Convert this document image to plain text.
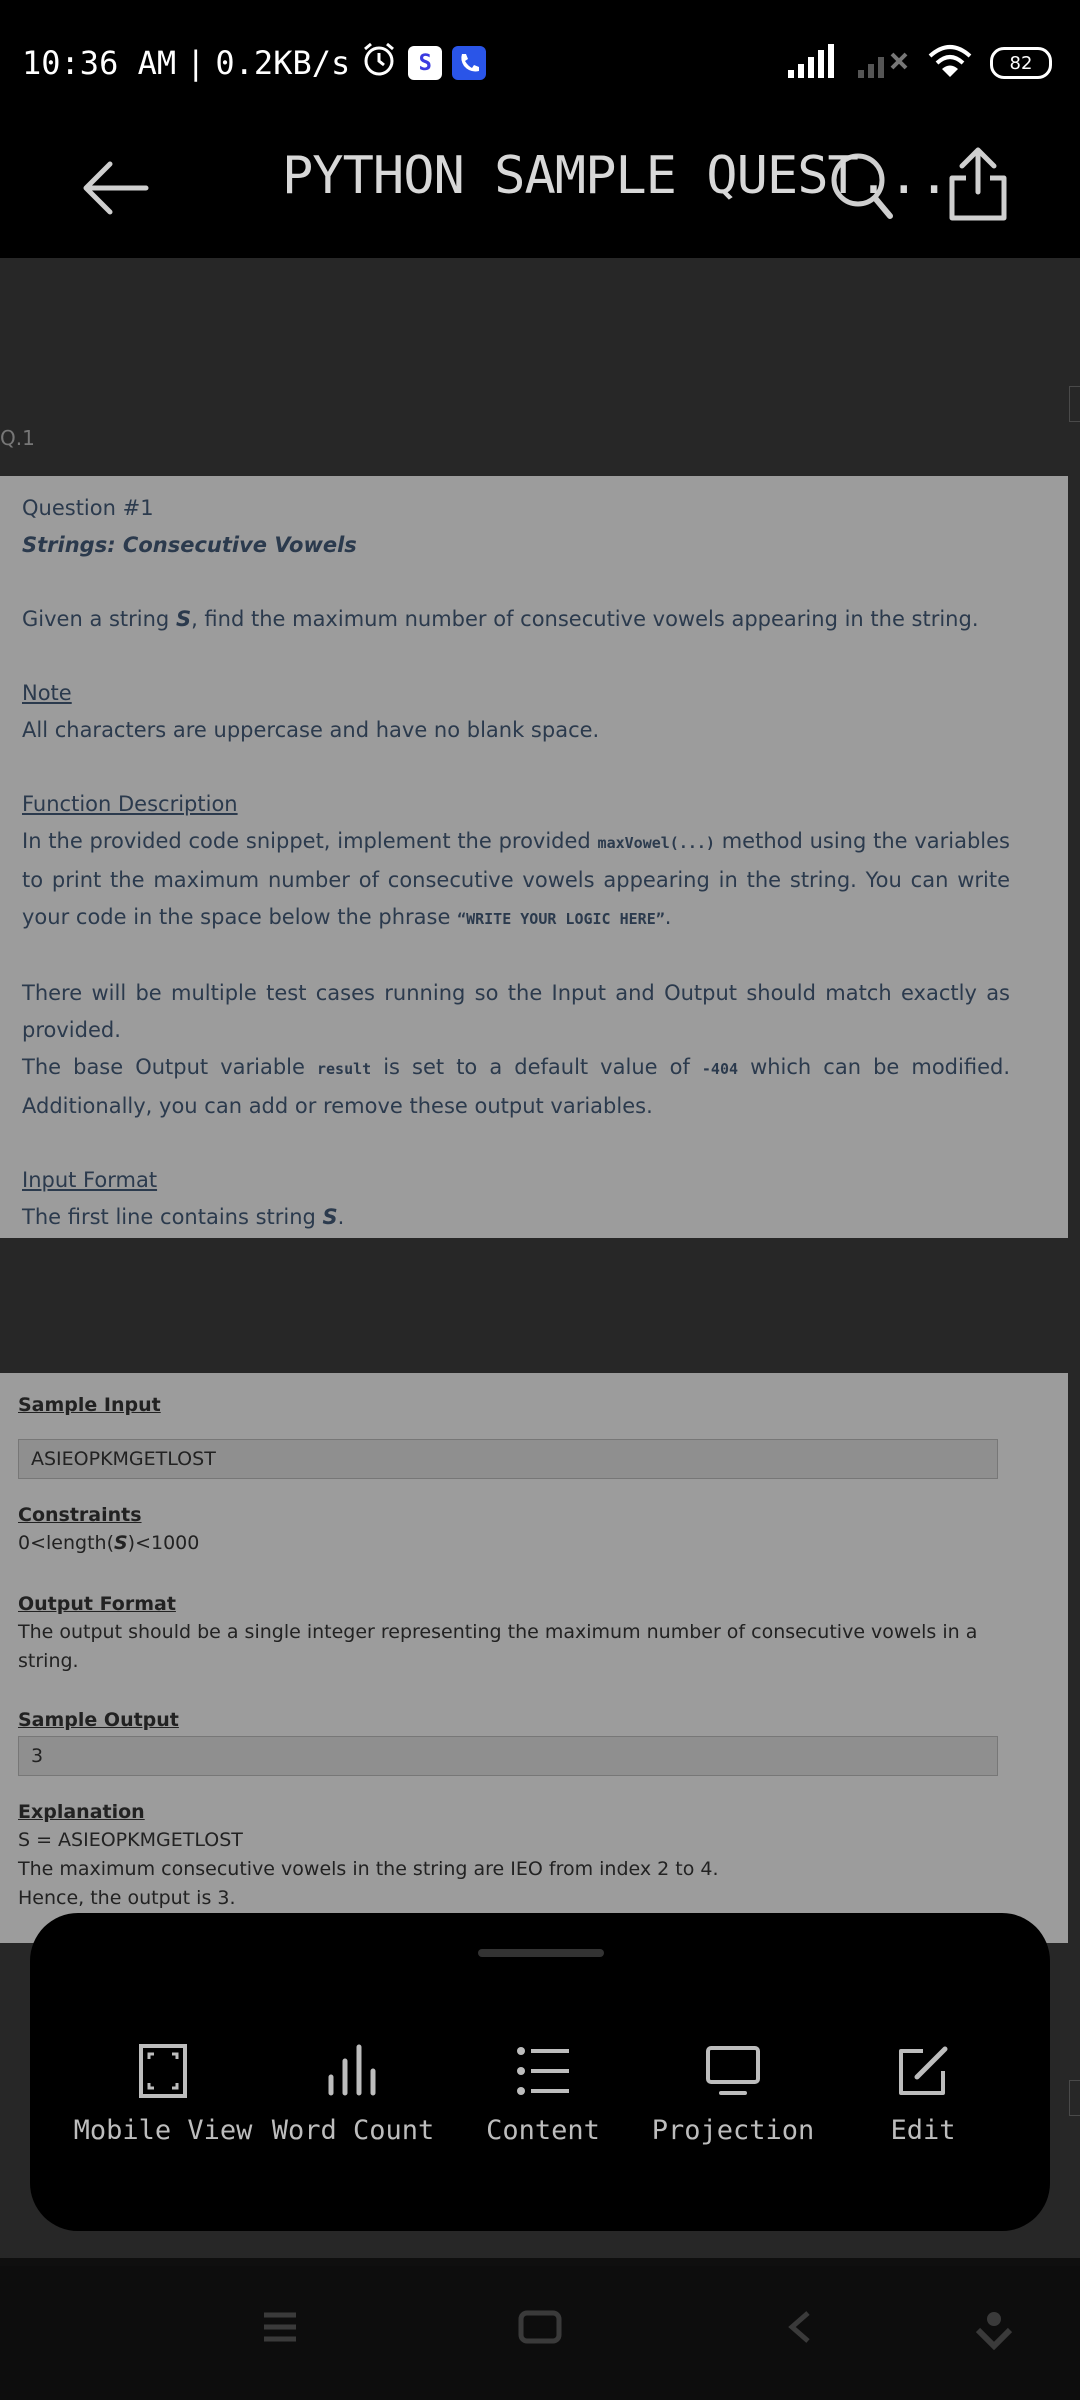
10:36 AM | 0.2KB/s	S	82
PYTHON SAMPLE QUEST...
Q.1

Question #1

Strings: Consecutive Vowels

Given a string S, find the maximum number of consecutive vowels appearing in the string.

Note

All characters are uppercase and have no blank space.

Function Description

In the provided code snippet, implement the provided maxVowel(...) method using the variables to print the maximum number of consecutive vowels appearing in the string. You can write your code in the space below the phrase “WRITE YOUR LOGIC HERE”.

There will be multiple test cases running so the Input and Output should match exactly as provided.

The base Output variable result is set to a default value of -404 which can be modified. Additionally, you can add or remove these output variables.

Input Format

The first line contains string S.

Sample Input
ASIEOPKMGETLOST
Constraints
0<length(S)<1000
Output Format
The output should be a single integer representing the maximum number of consecutive vowels in a string.
Sample Output
3
Explanation
S = ASIEOPKMGETLOST
The maximum consecutive vowels in the string are IEO from index 2 to 4.
Hence, the output is 3.
Mobile View Word Count	Content	Projection	Edit
